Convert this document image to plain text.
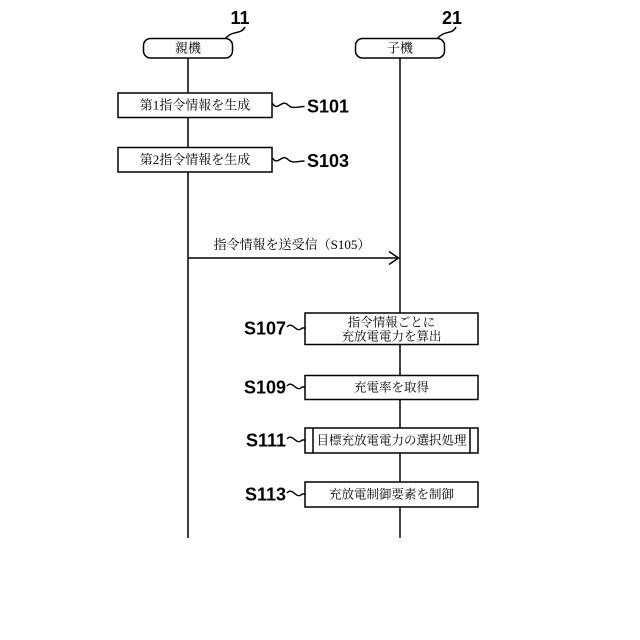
11	21
親機	子機
第1指令情報を生成	S101
第2指令情報を生成	S103
指令情報を送受信（S105）
S107	指令情報ごとに
充放電電力を算出
S109	充電率を取得
S111 目標充放電電力の選択処理
S113	充放電制御要素を制御
